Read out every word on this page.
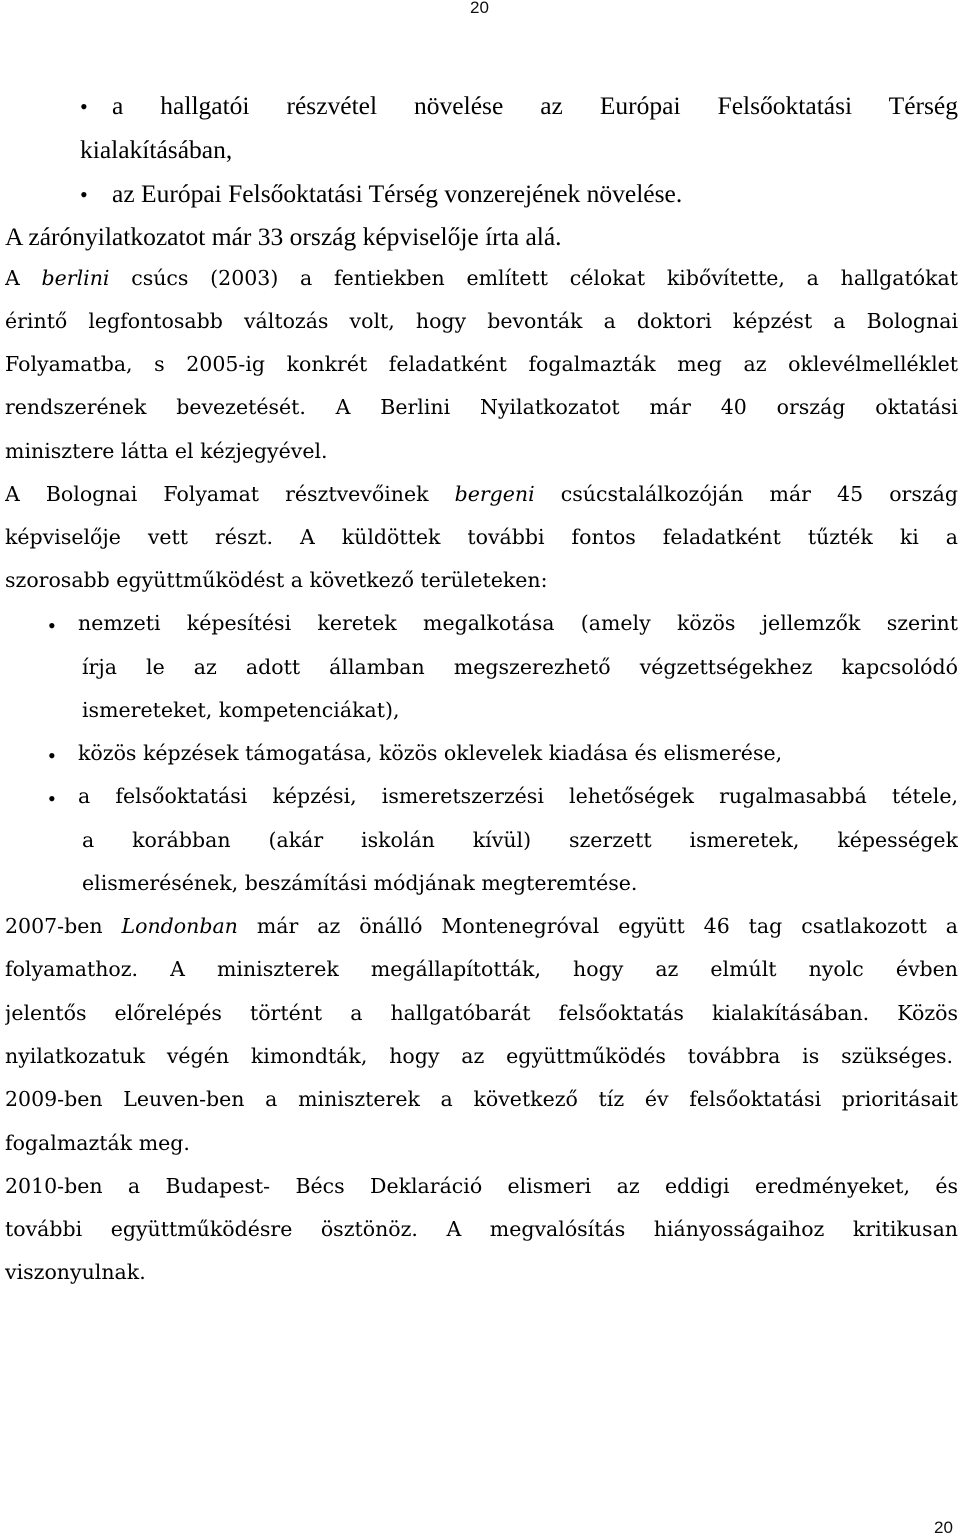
20
• a hallgatói részvétel növelése az Európai Felsőoktatási Térség
kialakításában,
• az Európai Felsőoktatási Térség vonzerejének növelése.
A zárónyilatkozatot már 33 ország képviselője írta alá.
A berlini csúcs (2003) a fentiekben említett célokat kibővítette, a hallgatókat
érintő legfontosabb változás volt, hogy bevonták a doktori képzést a Bolognai
Folyamatba, s 2005-ig konkrét feladatként fogalmazták meg az oklevélmelléklet
rendszerének bevezetését. A Berlini Nyilatkozatot már 40 ország oktatási
minisztere látta el kézjegyével.
A Bolognai Folyamat résztvevőinek bergeni csúcstalálkozóján már 45 ország
képviselője vett részt. A küldöttek további fontos feladatként tűzték ki a
szorosabb együttműködést a következő területeken:
• nemzeti képesítési keretek megalkotása (amely közös jellemzők szerint
írja le az adott államban megszerezhető végzettségekhez kapcsolódó
ismereteket, kompetenciákat),
• közös képzések támogatása, közös oklevelek kiadása és elismerése,
• a felsőoktatási képzési, ismeretszerzési lehetőségek rugalmasabbá tétele,
a korábban (akár iskolán kívül) szerzett ismeretek, képességek
elismerésének, beszámítási módjának megteremtése.
2007-ben Londonban már az önálló Montenegróval együtt 46 tag csatlakozott a
folyamathoz. A miniszterek megállapították, hogy az elmúlt nyolc évben
jelentős előrelépés történt a hallgatóbarát felsőoktatás kialakításában. Közös
nyilatkozatuk végén kimondták, hogy az együttműködés továbbra is szükséges.
2009-ben Leuven-ben a miniszterek a következő tíz év felsőoktatási prioritásait
fogalmazták meg.
2010-ben a Budapest- Bécs Deklaráció elismeri az eddigi eredményeket, és
további együttműködésre ösztönöz. A megvalósítás hiányosságaihoz kritikusan
viszonyulnak.
20
